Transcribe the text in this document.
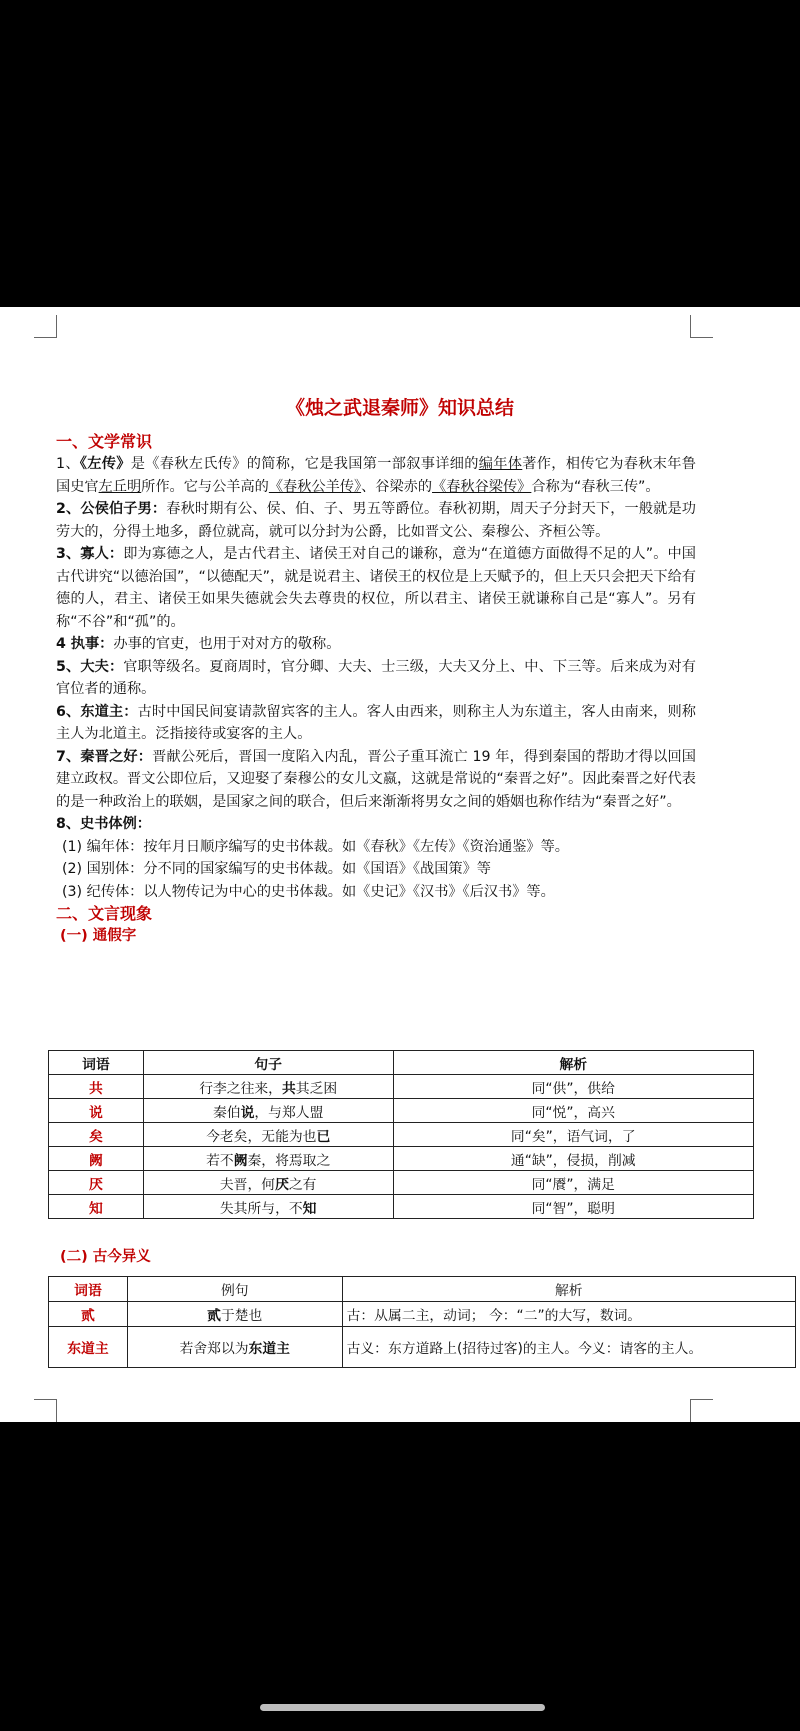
《烛之武退秦师》知识总结

一、文学常识

1、《左传》是《春秋左氏传》的简称，它是我国第一部叙事详细的编年体著作，相传它为春秋末年鲁国史官左丘明所作。它与公羊高的《春秋公羊传》、谷梁赤的《春秋谷梁传》合称为“春秋三传”。

2、公侯伯子男：春秋时期有公、侯、伯、子、男五等爵位。春秋初期，周天子分封天下，一般就是功劳大的，分得土地多，爵位就高，就可以分封为公爵，比如晋文公、秦穆公、齐桓公等。

3、寡人：即为寡德之人，是古代君主、诸侯王对自己的谦称，意为“在道德方面做得不足的人”。中国古代讲究“以德治国”，“以德配天”，就是说君主、诸侯王的权位是上天赋予的，但上天只会把天下给有德的人，君主、诸侯王如果失德就会失去尊贵的权位，所以君主、诸侯王就谦称自己是“寡人”。另有称“不谷”和“孤”的。

4 执事：办事的官吏，也用于对对方的敬称。

5、大夫：官职等级名。夏商周时，官分卿、大夫、士三级，大夫又分上、中、下三等。后来成为对有官位者的通称。

6、东道主：古时中国民间宴请款留宾客的主人。客人由西来，则称主人为东道主，客人由南来，则称主人为北道主。泛指接待或宴客的主人。

7、秦晋之好：晋献公死后，晋国一度陷入内乱，晋公子重耳流亡 19 年，得到秦国的帮助才得以回国建立政权。晋文公即位后，又迎娶了秦穆公的女儿文嬴，这就是常说的“秦晋之好”。因此秦晋之好代表的是一种政治上的联姻，是国家之间的联合，但后来渐渐将男女之间的婚姻也称作结为“秦晋之好”。

8、史书体例：

(1) 编年体：按年月日顺序编写的史书体裁。如《春秋》《左传》《资治通鉴》等。

(2) 国别体：分不同的国家编写的史书体裁。如《国语》《战国策》等

(3) 纪传体：以人物传记为中心的史书体裁。如《史记》《汉书》《后汉书》等。

二、文言现象

(一) 通假字

词语	句子	解析
共	行李之往来，共其乏困	同“供”，供给
说	秦伯说，与郑人盟	同“悦”，高兴
矣	今老矣，无能为也已	同“矣”，语气词，了
阙	若不阙秦，将焉取之	通“缺”，侵损，削减
厌	夫晋，何厌之有	同“餍”，满足
知	失其所与，不知	同“智”，聪明

(二) 古今异义

词语	例句	解析
贰	贰于楚也	古：从属二主，动词； 今：“二”的大写，数词。
东道主	若舍郑以为东道主	古义：东方道路上(招待过客)的主人。今义：请客的主人。
